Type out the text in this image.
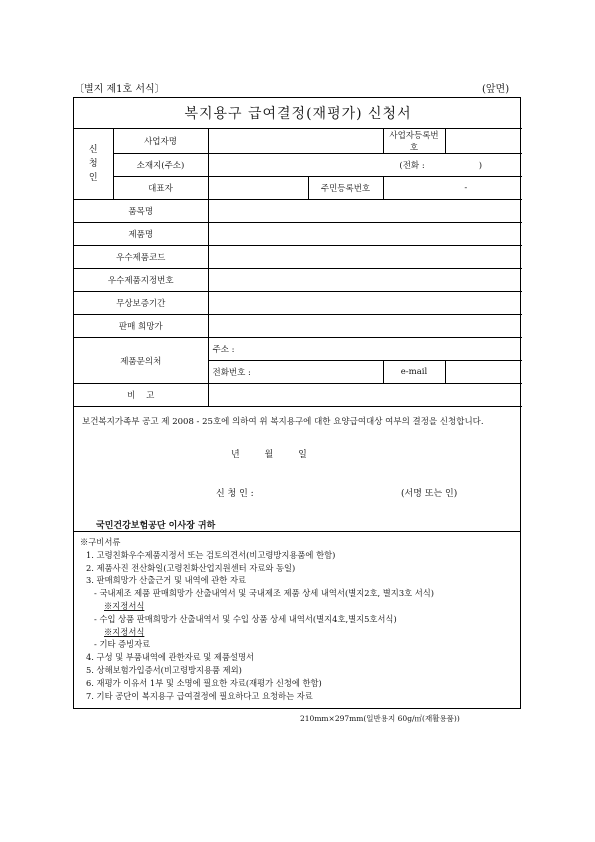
〔별지 제1호 서식〕	(앞면)
복지용구 급여결정(재평가) 신청서					
신
청
인	사업자명			사업자등록번호	
	소재지(주소)	(전화 :                    )			
	대표자		주민등록번호	-	
품목명					
제품명					
우수제품코드					
우수제품지정번호					
무상보증기간					
판매 희망가					
제품문의처		주소 :			
		전화번호 :		e-mail	
비    고					

보건복지가족부 공고 제 2008 - 25호에 의하여 위 복지용구에 대한 요양급여대상 여부의 결정을 신청합니다.

년 월 일
신 청 인 :	(서명 또는 인)
국민건강보험공단 이사장 귀하
※구비서류
1. 고령친화우수제품지정서 또는 검토의견서(비고령방지용품에 한함)
2. 제품사진 전산화일(고령친화산업지원센터 자료와 동일)
3. 판매희망가 산출근거 및 내역에 관한 자료
- 국내제조 제품 판매희망가 산출내역서 및 국내제조 제품 상세 내역서(별지2호, 별지3호 서식)
※지정서식
- 수입 상품 판매희망가 산출내역서 및 수입 상품 상세 내역서(별지4호,별지5호서식)
※지정서식
- 기타 증빙자료
4. 구성 및 부품내역에 관한자료 및 제품설명서
5. 상해보험가입증서(비고령방지용품 제외)
6. 재평가 이유서 1부 및 소명에 필요한 자료(재평가 신청에 한함)
7. 기타 공단이 복지용구 급여결정에 필요하다고 요청하는 자료
210mm×297mm(일반용지 60g/㎡(재활용품))
